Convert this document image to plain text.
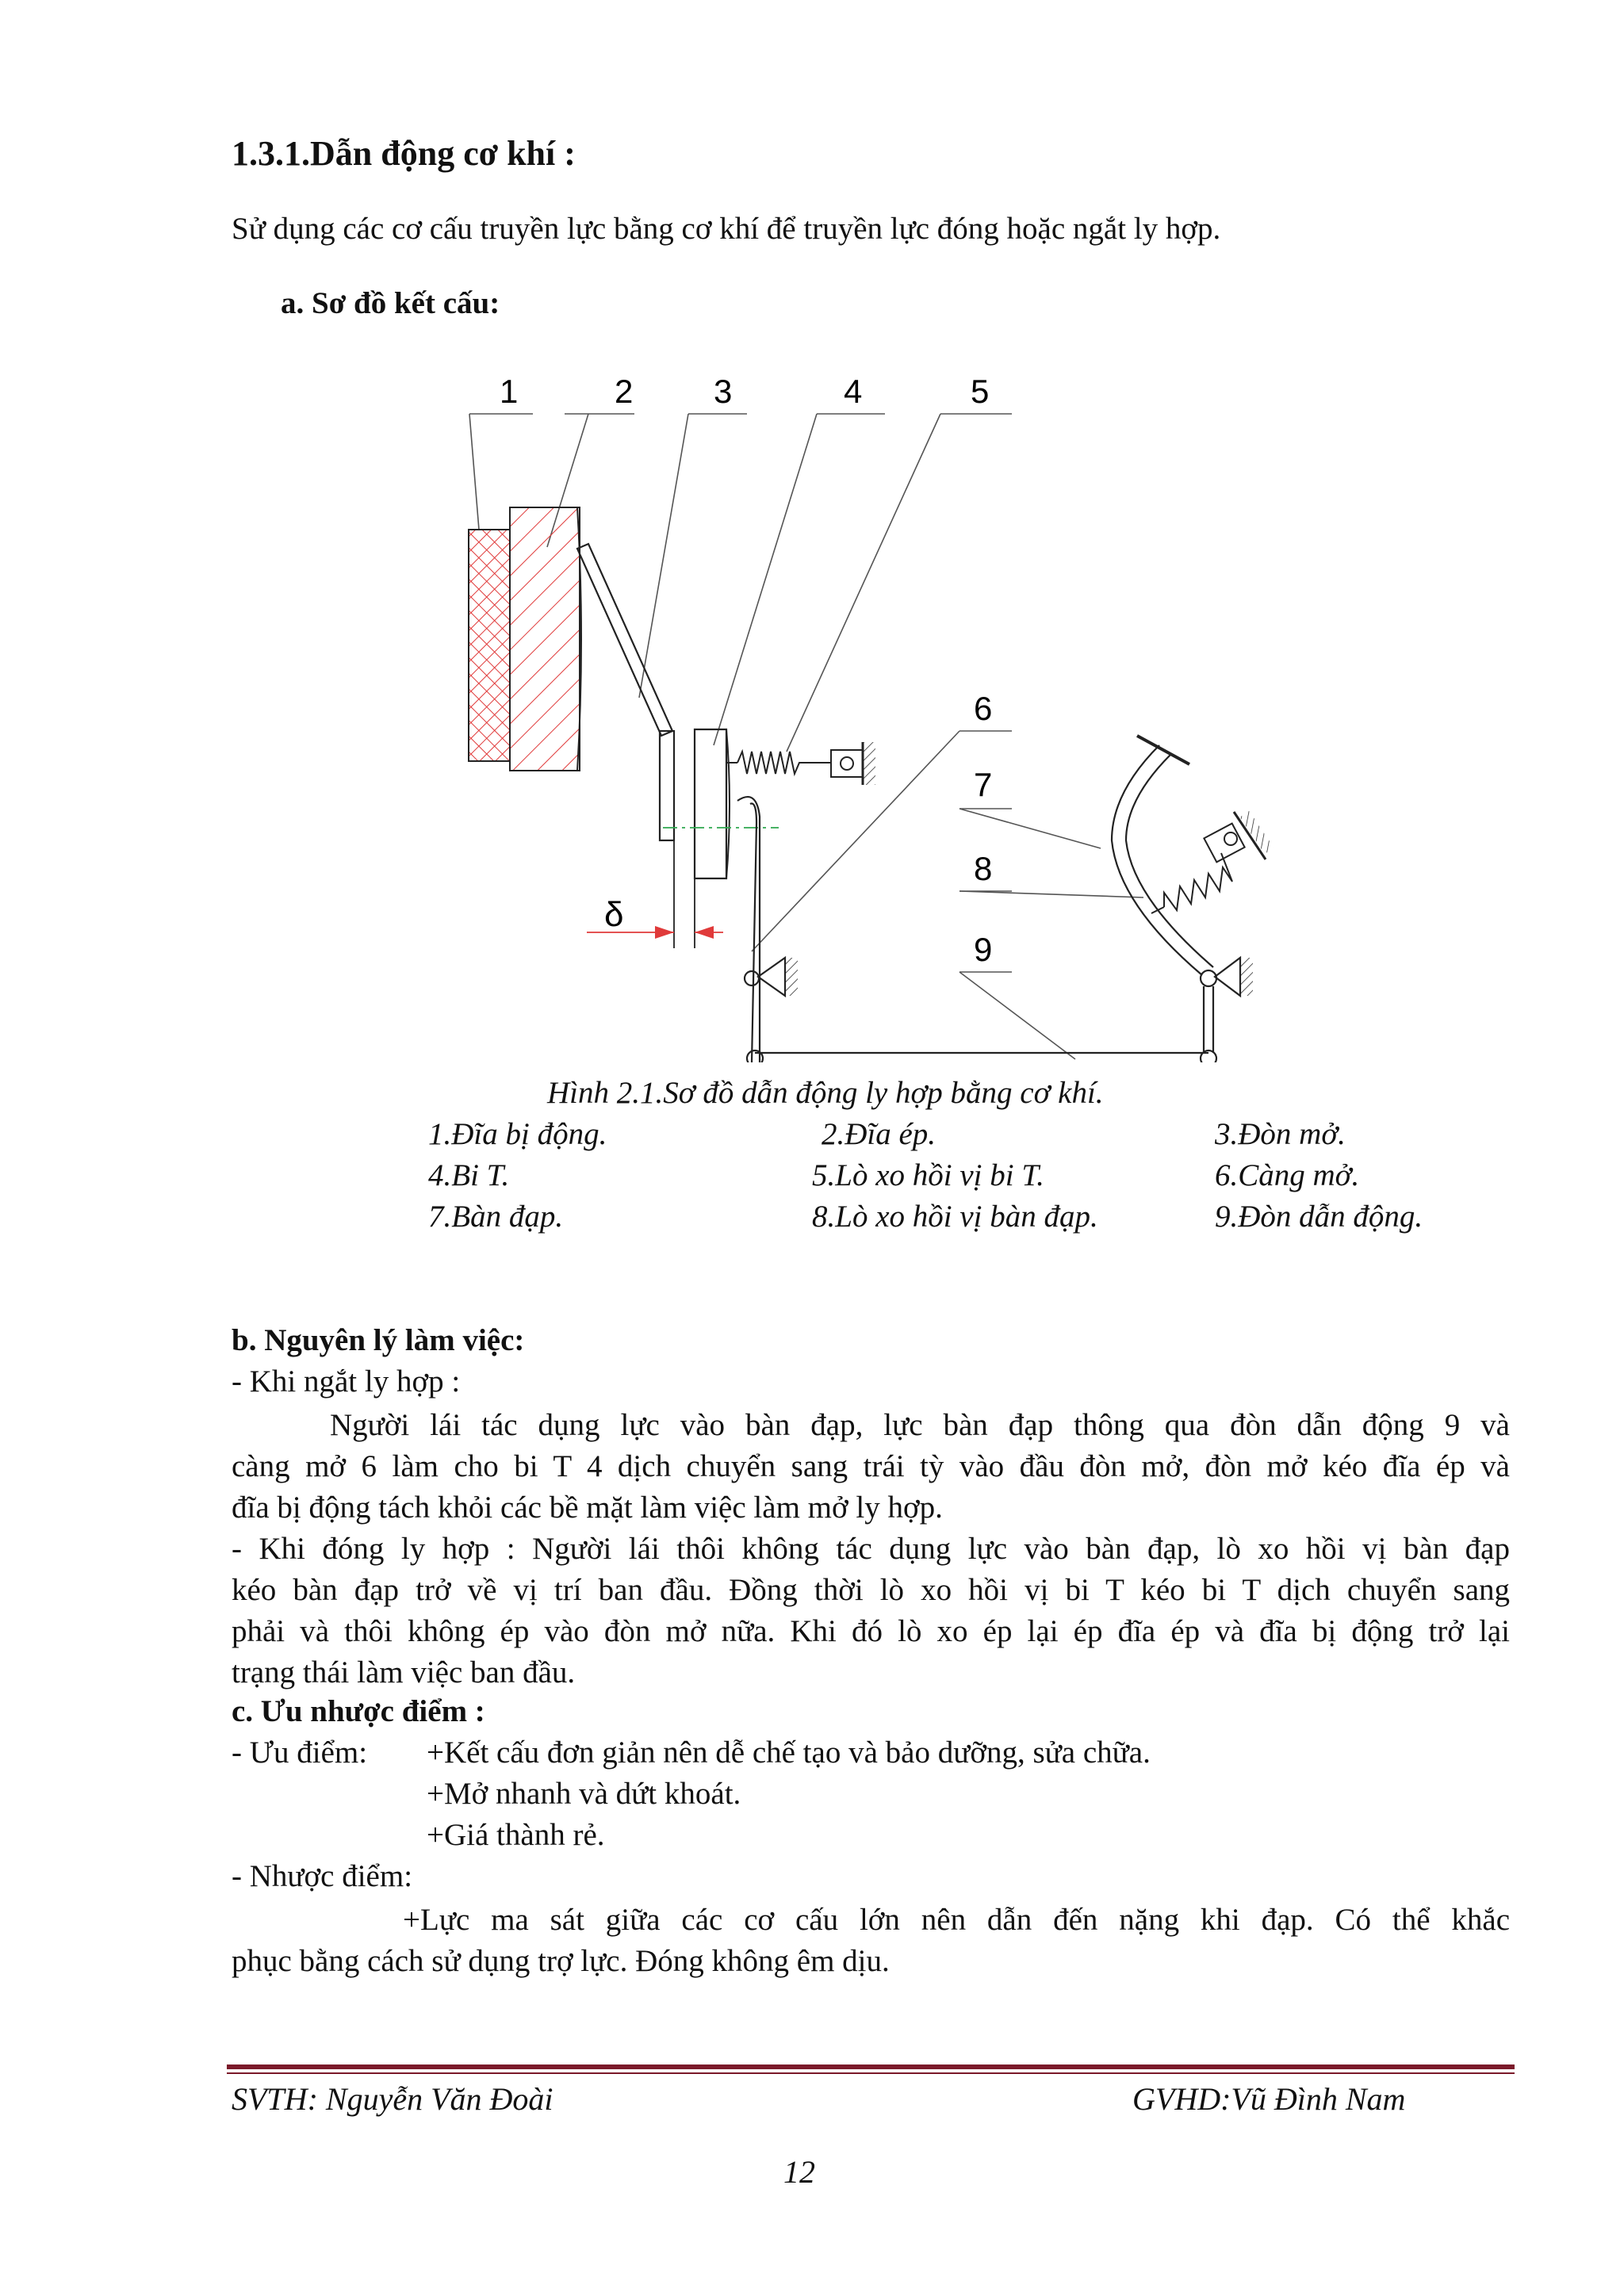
1.3.1.Dẫn động cơ khí :
Sử dụng các cơ cấu truyền lực bằng cơ khí để truyền lực đóng hoặc ngắt ly hợp.
a. Sơ đồ kết cấu:
1	2 3	4	5
6
7
8
9
δ
Hình 2.1.Sơ đồ dẫn động ly hợp bằng cơ khí.
1.Đĩa bị động.	2.Đĩa ép.	3.Đòn mở.
4.Bi T.	5.Lò xo hồi vị bi T.	6.Càng mở.
7.Bàn đạp.	8.Lò xo hồi vị bàn đạp.	9.Đòn dẫn động.
b. Nguyên lý làm việc:
- Khi ngắt ly hợp :
Người lái tác dụng lực vào bàn đạp, lực bàn đạp thông qua đòn dẫn động 9 và
càng mở 6 làm cho bi T 4 dịch chuyển sang trái tỳ vào đầu đòn mở, đòn mở kéo đĩa ép và
đĩa bị động tách khỏi các bề mặt làm việc làm mở ly hợp.
- Khi đóng ly hợp : Người lái thôi không tác dụng lực vào bàn đạp, lò xo hồi vị bàn đạp
kéo bàn đạp trở về vị trí ban đầu. Đồng thời lò xo hồi vị bi T kéo bi T dịch chuyển sang
phải và thôi không ép vào đòn mở nữa. Khi đó lò xo ép lại ép đĩa ép và đĩa bị động trở lại
trạng thái làm việc ban đầu.
c. Ưu nhược điểm :
- Ưu điểm: +Kết cấu đơn giản nên dễ chế tạo và bảo dưỡng, sửa chữa.
+Mở nhanh và dứt khoát.
+Giá thành rẻ.
- Nhược điểm:
+Lực ma sát giữa các cơ cấu lớn nên dẫn đến nặng khi đạp. Có thể khắc
phục bằng cách sử dụng trợ lực. Đóng không êm dịu.
SVTH: Nguyễn Văn Đoài	GVHD:Vũ Đình Nam
12
